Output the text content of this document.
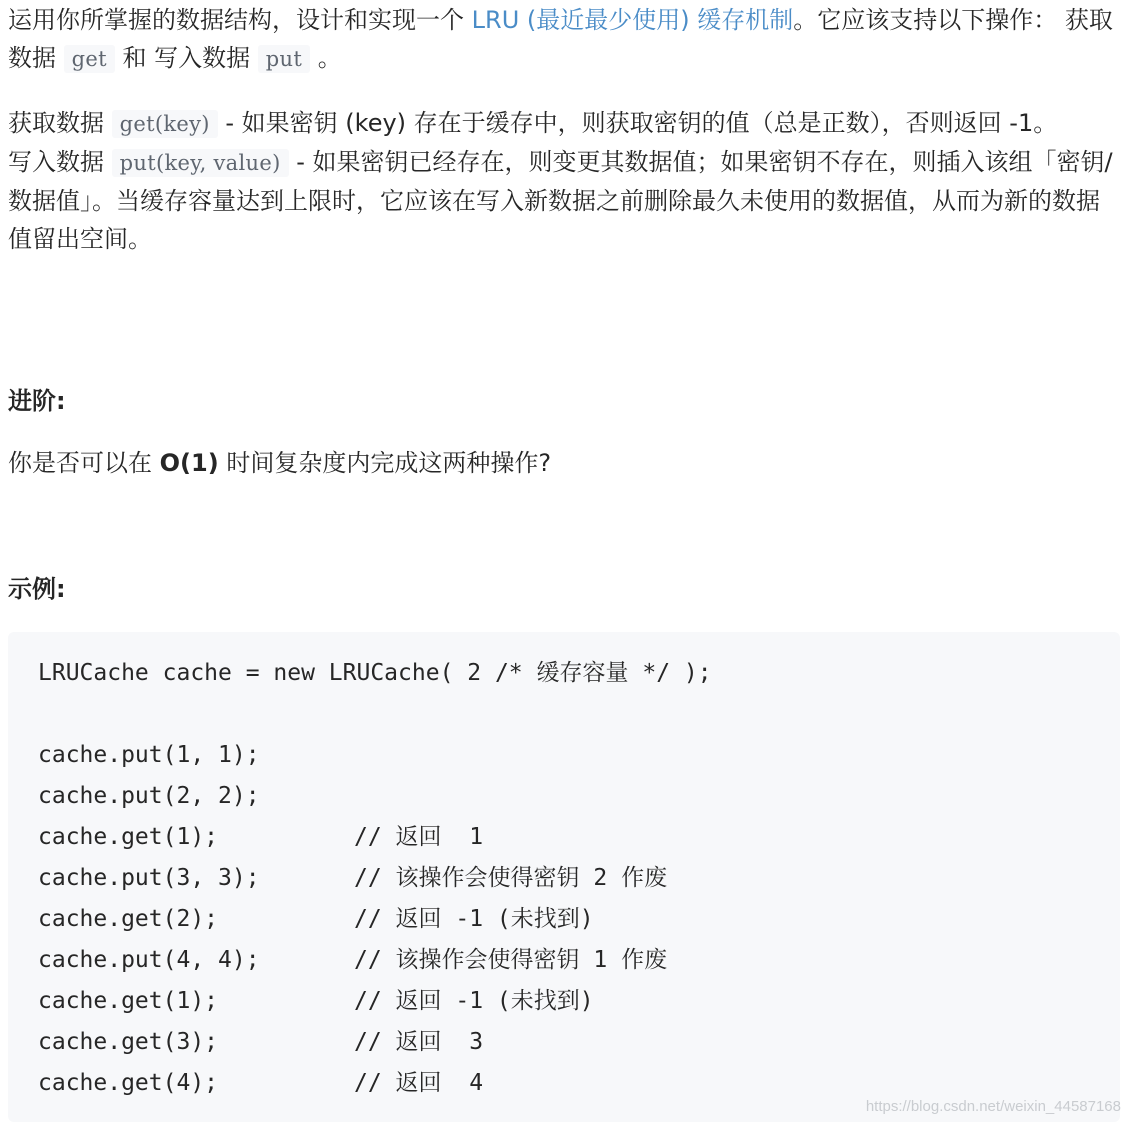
运用你所掌握的数据结构，设计和实现一个 LRU (最近最少使用) 缓存机制。它应该支持以下操作： 获取数据 get 和 写入数据 put 。

获取数据 get(key) - 如果密钥 (key) 存在于缓存中，则获取密钥的值（总是正数），否则返回 -1。

写入数据 put(key, value) - 如果密钥已经存在，则变更其数据值；如果密钥不存在，则插入该组「密钥/数据值」。当缓存容量达到上限时，它应该在写入新数据之前删除最久未使用的数据值，从而为新的数据值留出空间。

进阶:

你是否可以在 O(1) 时间复杂度内完成这两种操作?

示例:

LRUCache cache = new LRUCache( 2 /* 缓存容量 */ );
cache.put(1, 1);
cache.put(2, 2);
cache.get(1);	// 返回  1
cache.put(3, 3);	// 该操作会使得密钥 2 作废
cache.get(2);	// 返回 -1 (未找到)
cache.put(4, 4);	// 该操作会使得密钥 1 作废
cache.get(1);	// 返回 -1 (未找到)
cache.get(3);	// 返回  3
cache.get(4);	// 返回  4
https://blog.csdn.net/weixin_44587168
